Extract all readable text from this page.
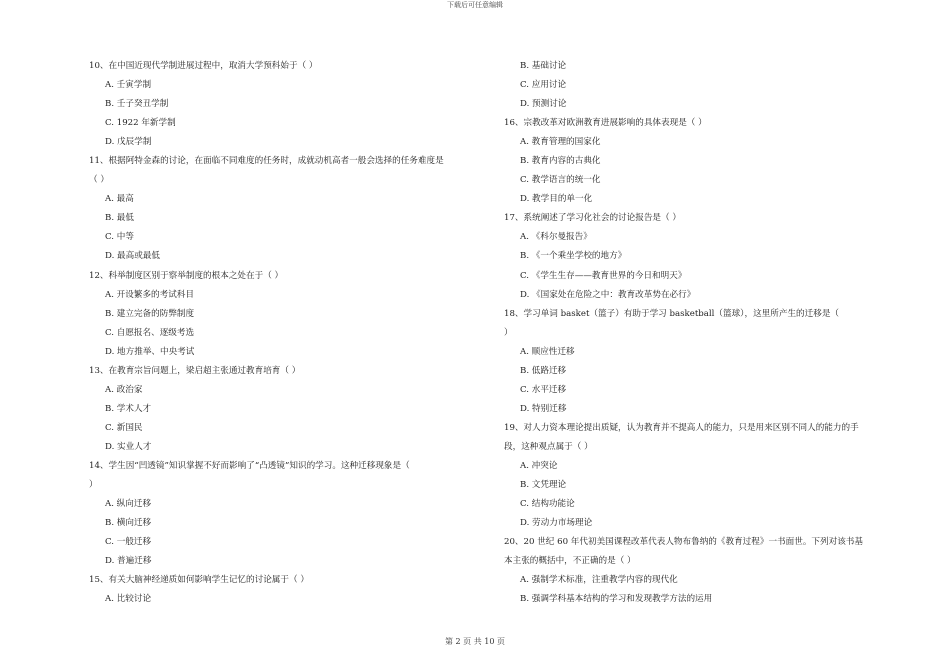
下载后可任意编辑
10、在中国近现代学制进展过程中，取消大学预科始于（ ）
A. 壬寅学制
B. 壬子癸丑学制
C. 1922 年新学制
D. 戊辰学制
11、根据阿特金森的讨论，在面临不同难度的任务时，成就动机高者一般会选择的任务难度是
（ ）
A. 最高
B. 最低
C. 中等
D. 最高或最低
12、科举制度区别于察举制度的根本之处在于（ ）
A. 开设繁多的考试科目
B. 建立完备的防弊制度
C. 自愿报名、逐级考选
D. 地方推举、中央考试
13、在教育宗旨问题上，梁启超主张通过教育培育（ ）
A. 政治家
B. 学术人才
C. 新国民
D. 实业人才
14、学生因“凹透镜”知识掌握不好而影响了“凸透镜”知识的学习。这种迁移现象是（
）
A. 纵向迁移
B. 横向迁移
C. 一般迁移
D. 普遍迁移
15、有关大脑神经递质如何影响学生记忆的讨论属于（ ）
A. 比较讨论
B. 基础讨论
C. 应用讨论
D. 预测讨论
16、宗教改革对欧洲教育进展影响的具体表现是（ ）
A. 教育管理的国家化
B. 教育内容的古典化
C. 教学语言的统一化
D. 教学目的单一化
17、系统阐述了学习化社会的讨论报告是（ ）
A. 《科尔曼报告》
B. 《一个乘坐学校的地方》
C. 《学生生存——教育世界的今日和明天》
D. 《国家处在危险之中：教育改革势在必行》
18、学习单词 basket（篮子）有助于学习 basketball（篮球），这里所产生的迁移是（
）
A. 顺应性迁移
B. 低路迁移
C. 水平迁移
D. 特别迁移
19、对人力资本理论提出质疑，认为教育并不提高人的能力，只是用来区别不同人的能力的手
段，这种观点属于（ ）
A. 冲突论
B. 文凭理论
C. 结构功能论
D. 劳动力市场理论
20、20 世纪 60 年代初美国课程改革代表人物布鲁纳的《教育过程》一书面世。下列对该书基
本主张的概括中，不正确的是（ ）
A. 强制学术标准，注重教学内容的现代化
B. 强调学科基本结构的学习和发现教学方法的运用
第 2 页 共 10 页
